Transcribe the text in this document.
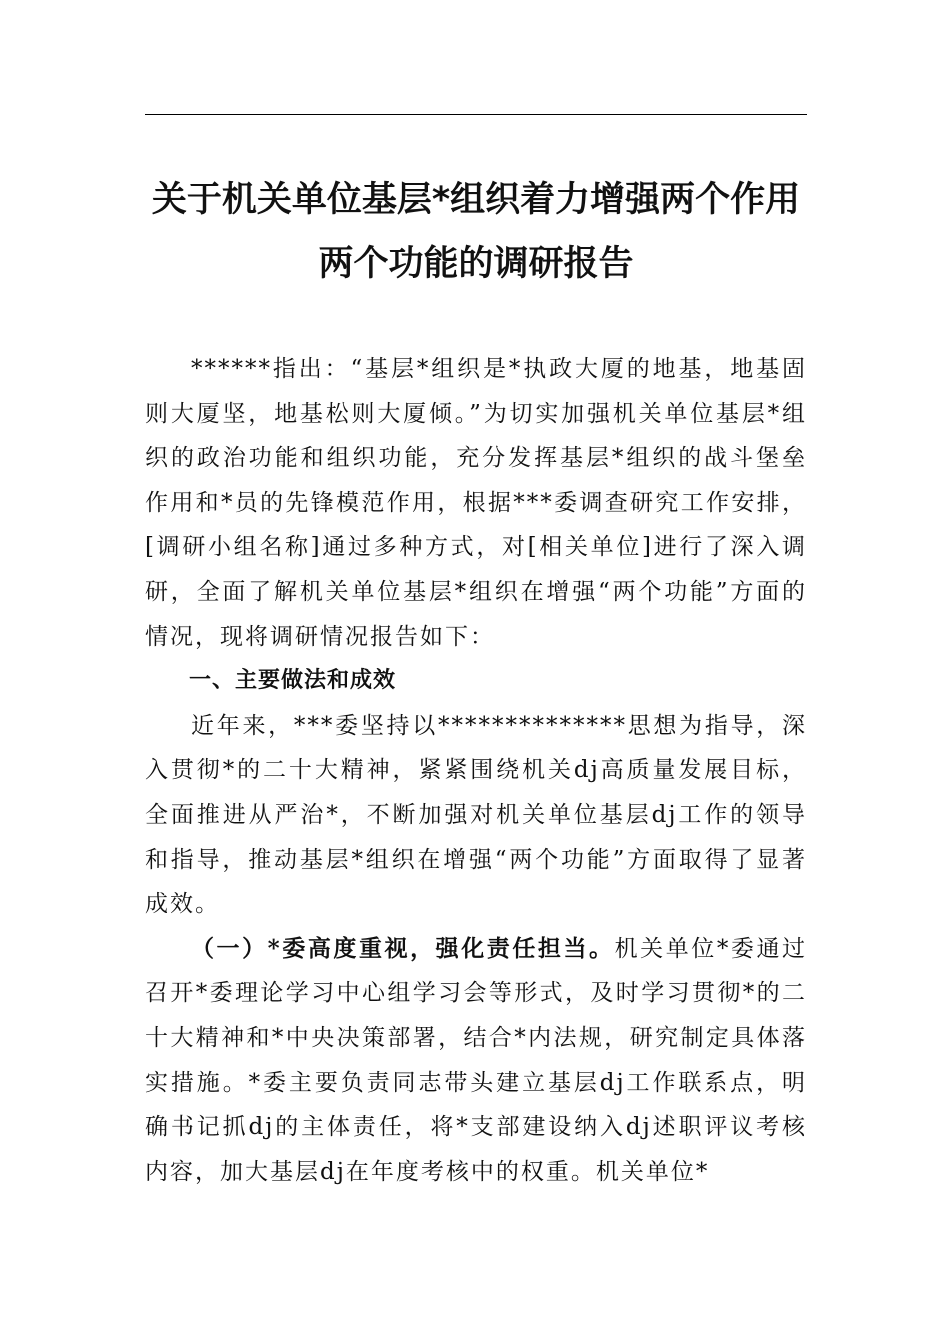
关于机关单位基层*组织着力增强两个作用
两个功能的调研报告

******指出：“基层*组织是*执政大厦的地基，地基固则大厦坚，地基松则大厦倾。”为切实加强机关单位基层*组织的政治功能和组织功能，充分发挥基层*组织的战斗堡垒作用和*员的先锋模范作用，根据***委调查研究工作安排，[调研小组名称]通过多种方式，对[相关单位]进行了深入调研，全面了解机关单位基层*组织在增强“两个功能”方面的情况，现将调研情况报告如下：

一、主要做法和成效

近年来，***委坚持以**************思想为指导，深入贯彻*的二十大精神，紧紧围绕机关dj高质量发展目标，全面推进从严治*，不断加强对机关单位基层dj工作的领导和指导，推动基层*组织在增强“两个功能”方面取得了显著成效。

（一）*委高度重视，强化责任担当。机关单位*委通过召开*委理论学习中心组学习会等形式，及时学习贯彻*的二十大精神和*中央决策部署，结合*内法规，研究制定具体落实措施。*委主要负责同志带头建立基层dj工作联系点，明确书记抓dj的主体责任，将*支部建设纳入dj述职评议考核内容，加大基层dj在年度考核中的权重。机关单位*
